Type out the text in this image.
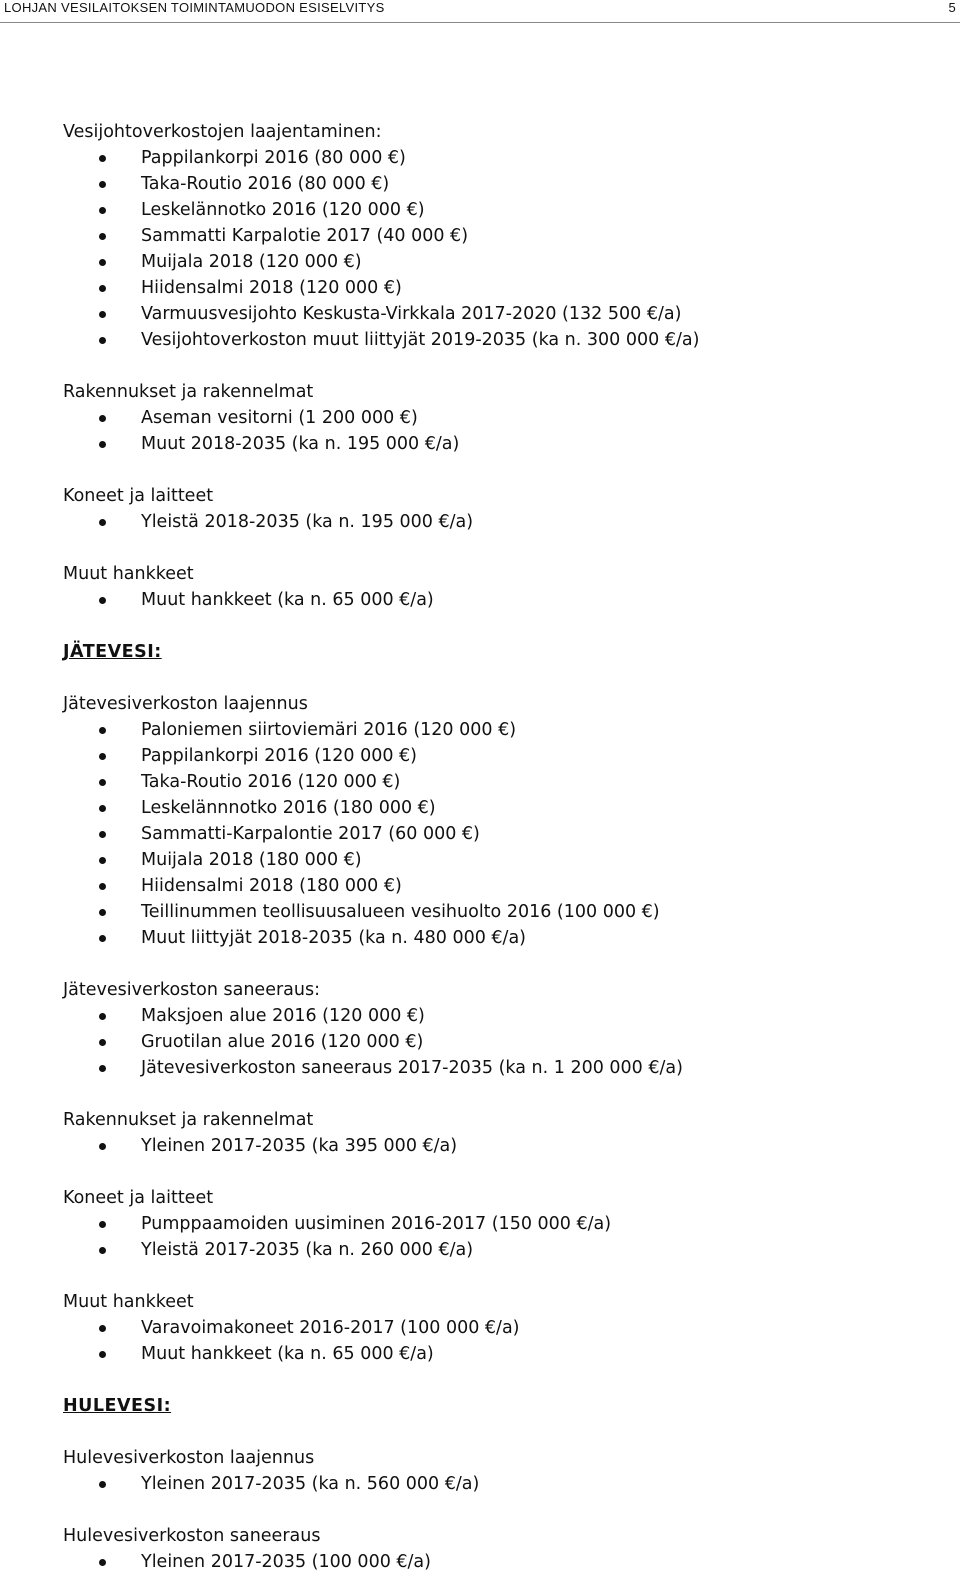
LOHJAN VESILAITOKSEN TOIMINTAMUODON ESISELVITYS	5

Vesijohtoverkostojen laajentaminen:

Pappilankorpi 2016 (80 000 €)
Taka-Routio 2016 (80 000 €)
Leskelännotko 2016 (120 000 €)
Sammatti Karpalotie 2017 (40 000 €)
Muijala 2018 (120 000 €)
Hiidensalmi 2018 (120 000 €)
Varmuusvesijohto Keskusta-Virkkala 2017-2020 (132 500 €/a)
Vesijohtoverkoston muut liittyjät 2019-2035 (ka n. 300 000 €/a)

Rakennukset ja rakennelmat

Aseman vesitorni (1 200 000 €)
Muut 2018-2035 (ka n. 195 000 €/a)

Koneet ja laitteet

Yleistä 2018-2035 (ka n. 195 000 €/a)

Muut hankkeet

Muut hankkeet (ka n. 65 000 €/a)

JÄTEVESI:

Jätevesiverkoston laajennus

Paloniemen siirtoviemäri 2016 (120 000 €)
Pappilankorpi 2016 (120 000 €)
Taka-Routio 2016 (120 000 €)
Leskelännnotko 2016 (180 000 €)
Sammatti-Karpalontie 2017 (60 000 €)
Muijala 2018 (180 000 €)
Hiidensalmi 2018 (180 000 €)
Teillinummen teollisuusalueen vesihuolto 2016 (100 000 €)
Muut liittyjät 2018-2035 (ka n. 480 000 €/a)

Jätevesiverkoston saneeraus:

Maksjoen alue 2016 (120 000 €)
Gruotilan alue 2016 (120 000 €)
Jätevesiverkoston saneeraus 2017-2035 (ka n. 1 200 000 €/a)

Rakennukset ja rakennelmat

Yleinen 2017-2035 (ka 395 000 €/a)

Koneet ja laitteet

Pumppaamoiden uusiminen 2016-2017 (150 000 €/a)
Yleistä 2017-2035 (ka n. 260 000 €/a)

Muut hankkeet

Varavoimakoneet 2016-2017 (100 000 €/a)
Muut hankkeet (ka n. 65 000 €/a)

HULEVESI:

Hulevesiverkoston laajennus

Yleinen 2017-2035 (ka n. 560 000 €/a)

Hulevesiverkoston saneeraus

Yleinen 2017-2035 (100 000 €/a)
